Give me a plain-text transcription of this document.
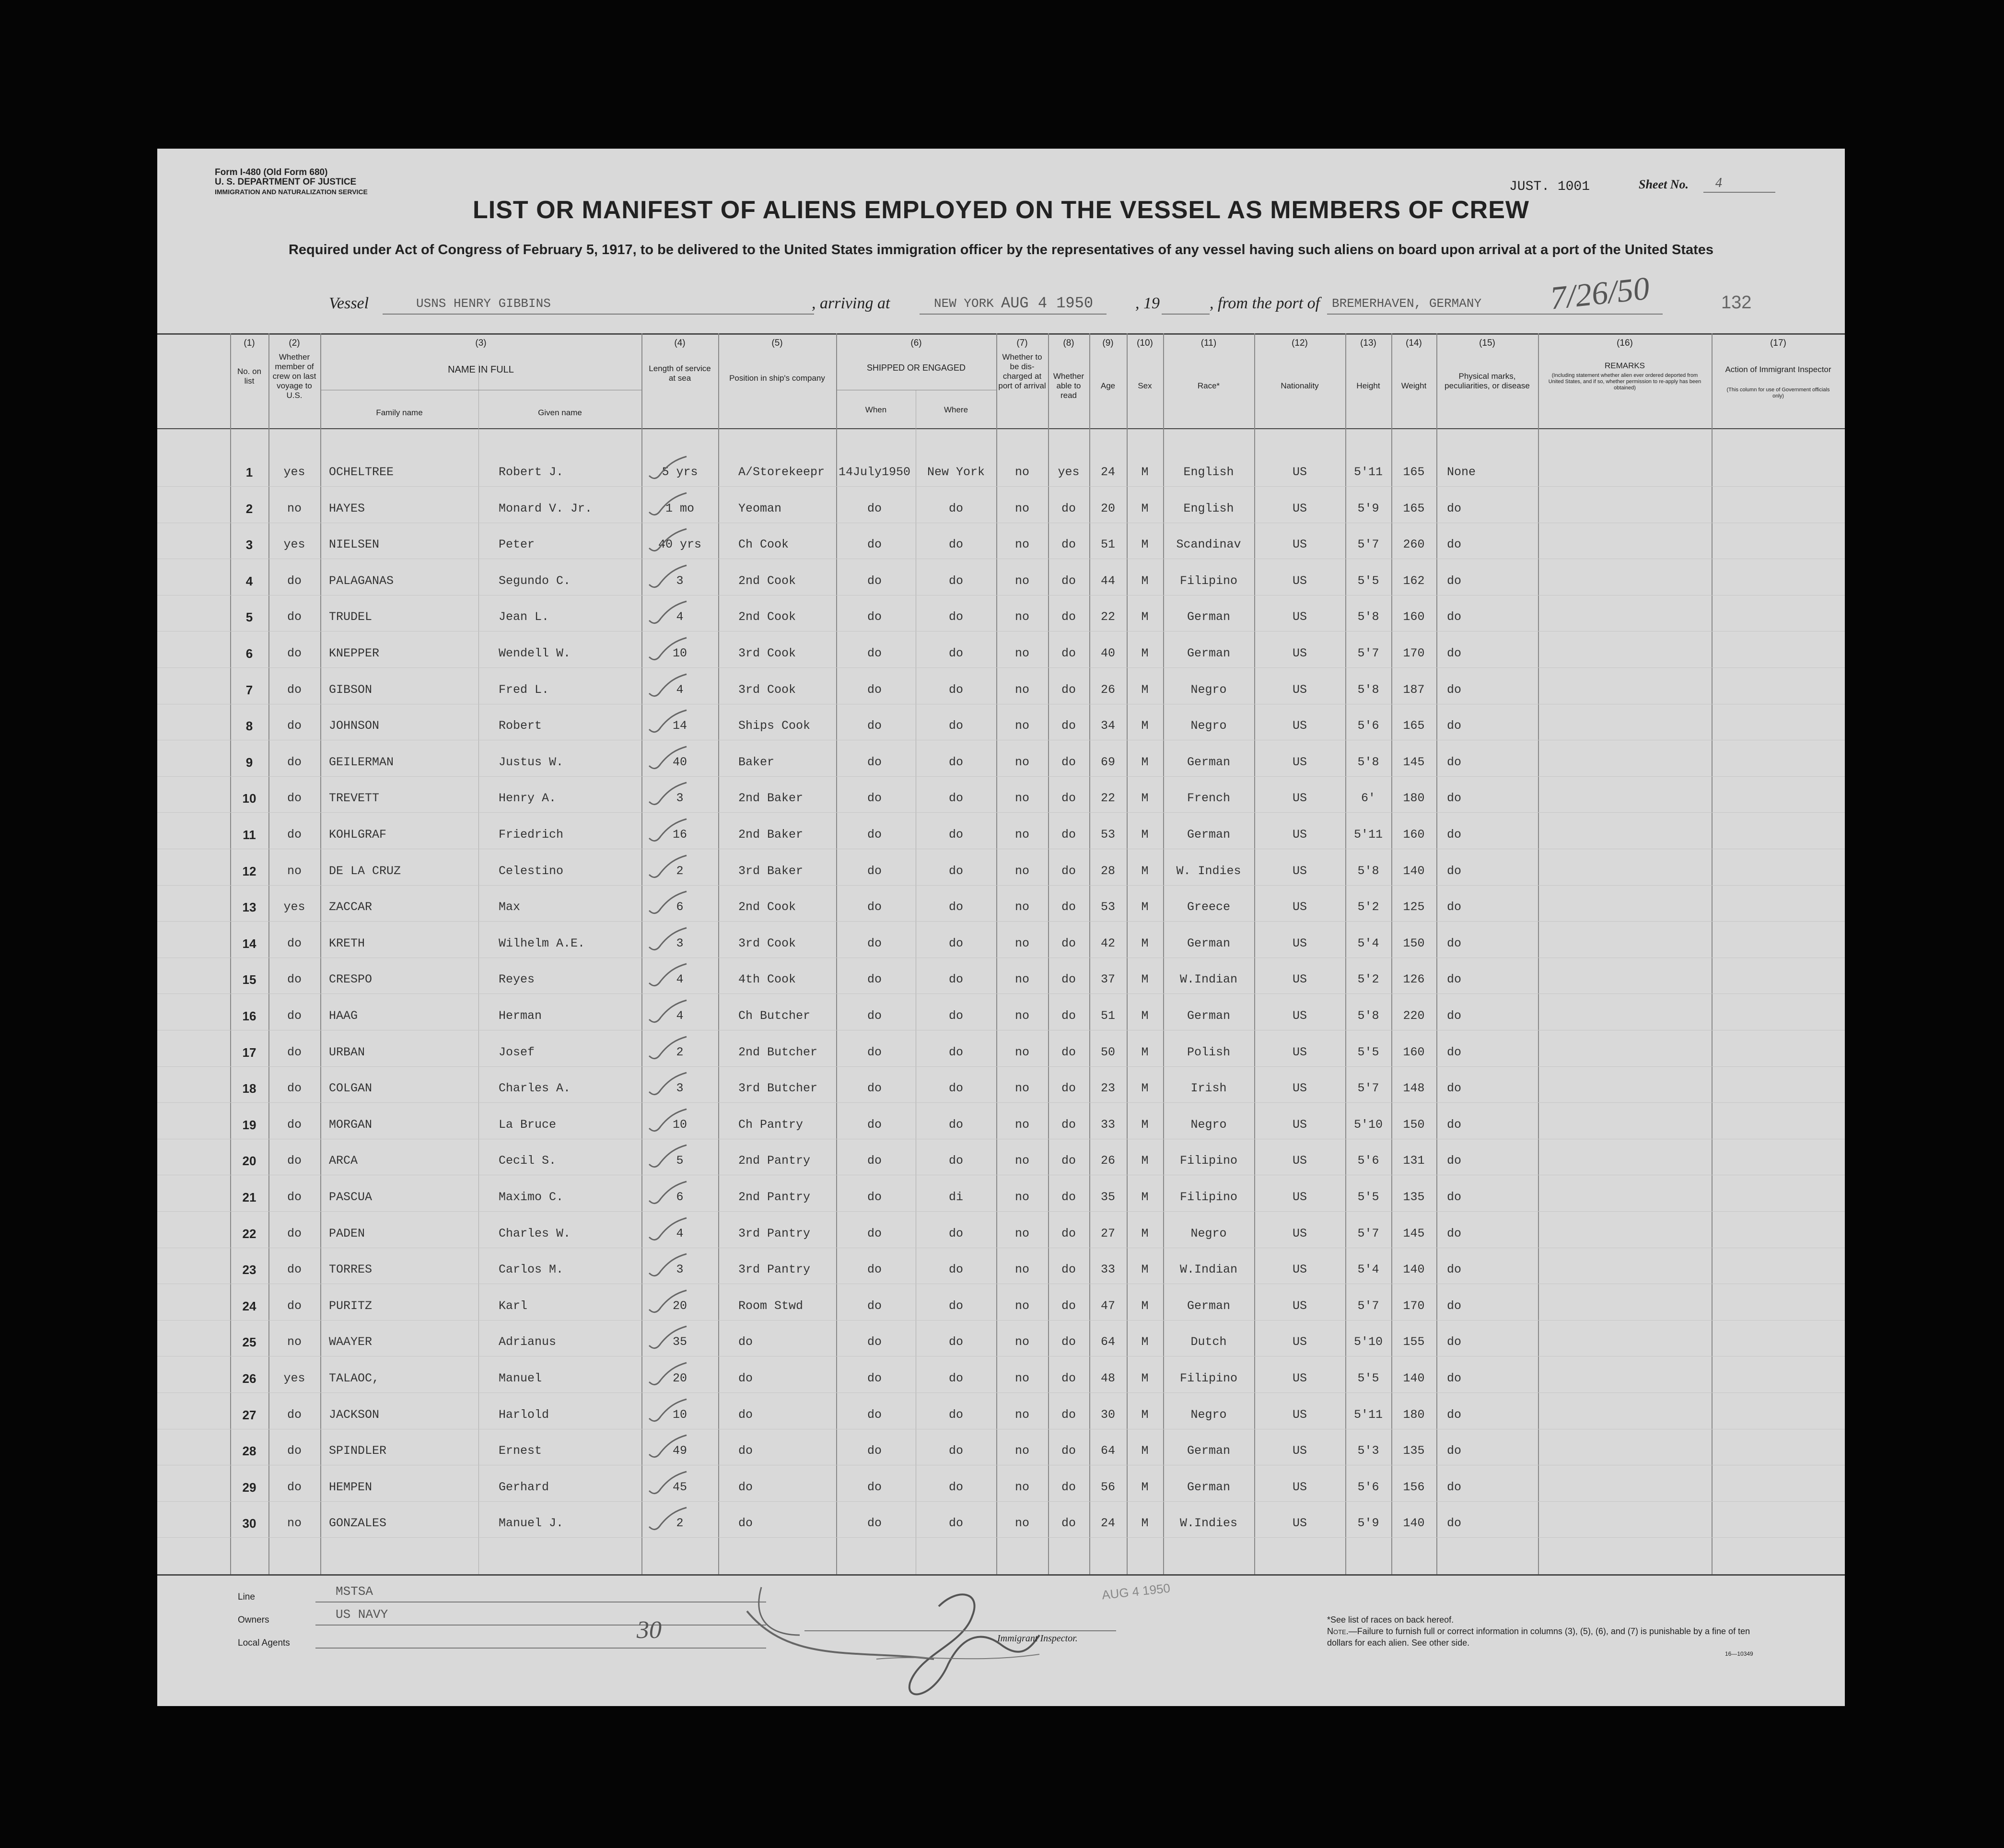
Form I-480 (Old Form 680)
U. S. DEPARTMENT OF JUSTICE
IMMIGRATION AND NATURALIZATION SERVICE	JUST. 1001	Sheet No. 4
LIST OR MANIFEST OF ALIENS EMPLOYED ON THE VESSEL AS MEMBERS OF CREW
Required under Act of Congress of February 5, 1917, to be delivered to the United States immigration officer by the representatives of any vessel having such aliens on board upon arrival at a port of the United States
Vessel	USNS HENRY GIBBINS	, arriving at	NEW YORK AUG 4 1950	, 19	, from the port of BREMERHAVEN, GERMANY 7/26/50	132
(1)	(2)	(3)	(4)	(5)	(6)	(7)	(8)	(9)	(10)	(11)	(12)	(13)	(14)	(15)	(16)	(17)
No. on list
Whether member of crew on last voyage to U.S.
NAME IN FULL
Family name	Given name
Length of service at sea	Position in ship's company
SHIPPED OR ENGAGED
When	Where
Whether to be dis-charged at port of arrival
Whether able to read
Age	Sex	Race*	Nationality	Height	Weight
Physical marks, peculiarities, or disease
REMARKS
(Including statement whether alien ever ordered deported from United States, and if so, whether permission to re-apply has been obtained)
Action of Immigrant Inspector
(This column for use of Government officials only)
1	yes	OCHELTREE	Robert J.	5 yrs	A/Storekeepr	14July1950	New York	no	yes	24	M	English	US	5'11	165	None
2	no	HAYES	Monard V. Jr.	1 mo	Yeoman	do	do	no	do	20	M	English	US	5'9	165	do
3	yes	NIELSEN	Peter	40 yrs	Ch Cook	do	do	no	do	51	M	Scandinav	US	5'7	260	do
4	do	PALAGANAS	Segundo C.	3	2nd Cook	do	do	no	do	44	M	Filipino	US	5'5	162	do
5	do	TRUDEL	Jean L.	4	2nd Cook	do	do	no	do	22	M	German	US	5'8	160	do
6	do	KNEPPER	Wendell W.	10	3rd Cook	do	do	no	do	40	M	German	US	5'7	170	do
7	do	GIBSON	Fred L.	4	3rd Cook	do	do	no	do	26	M	Negro	US	5'8	187	do
8	do	JOHNSON	Robert	14	Ships Cook	do	do	no	do	34	M	Negro	US	5'6	165	do
9	do	GEILERMAN	Justus W.	40	Baker	do	do	no	do	69	M	German	US	5'8	145	do
10	do	TREVETT	Henry A.	3	2nd Baker	do	do	no	do	22	M	French	US	6'	180	do
11	do	KOHLGRAF	Friedrich	16	2nd Baker	do	do	no	do	53	M	German	US	5'11	160	do
12	no	DE LA CRUZ	Celestino	2	3rd Baker	do	do	no	do	28	M	W. Indies	US	5'8	140	do
13	yes	ZACCAR	Max	6	2nd Cook	do	do	no	do	53	M	Greece	US	5'2	125	do
14	do	KRETH	Wilhelm A.E.	3	3rd Cook	do	do	no	do	42	M	German	US	5'4	150	do
15	do	CRESPO	Reyes	4	4th Cook	do	do	no	do	37	M	W.Indian	US	5'2	126	do
16	do	HAAG	Herman	4	Ch Butcher	do	do	no	do	51	M	German	US	5'8	220	do
17	do	URBAN	Josef	2	2nd Butcher	do	do	no	do	50	M	Polish	US	5'5	160	do
18	do	COLGAN	Charles A.	3	3rd Butcher	do	do	no	do	23	M	Irish	US	5'7	148	do
19	do	MORGAN	La Bruce	10	Ch Pantry	do	do	no	do	33	M	Negro	US	5'10	150	do
20	do	ARCA	Cecil S.	5	2nd Pantry	do	do	no	do	26	M	Filipino	US	5'6	131	do
21	do	PASCUA	Maximo C.	6	2nd Pantry	do	di	no	do	35	M	Filipino	US	5'5	135	do
22	do	PADEN	Charles W.	4	3rd Pantry	do	do	no	do	27	M	Negro	US	5'7	145	do
23	do	TORRES	Carlos M.	3	3rd Pantry	do	do	no	do	33	M	W.Indian	US	5'4	140	do
24	do	PURITZ	Karl	20	Room Stwd	do	do	no	do	47	M	German	US	5'7	170	do
25	no	WAAYER	Adrianus	35	do	do	do	no	do	64	M	Dutch	US	5'10	155	do
26	yes	TALAOC,	Manuel	20	do	do	do	no	do	48	M	Filipino	US	5'5	140	do
27	do	JACKSON	Harlold	10	do	do	do	no	do	30	M	Negro	US	5'11	180	do
28	do	SPINDLER	Ernest	49	do	do	do	no	do	64	M	German	US	5'3	135	do
29	do	HEMPEN	Gerhard	45	do	do	do	no	do	56	M	German	US	5'6	156	do
30	no	GONZALES	Manuel J.	2	do	do	do	no	do	24	M	W.Indies	US	5'9	140	do
Line	MSTSA
Owners	US NAVY
Local Agents	30	Immigrant Inspector.
AUG 4 1950
*See list of races on back hereof.
Note.—Failure to furnish full or correct information in columns (3), (5), (6), and (7) is punishable by a fine of ten dollars for each alien. See other side.
16—10349
